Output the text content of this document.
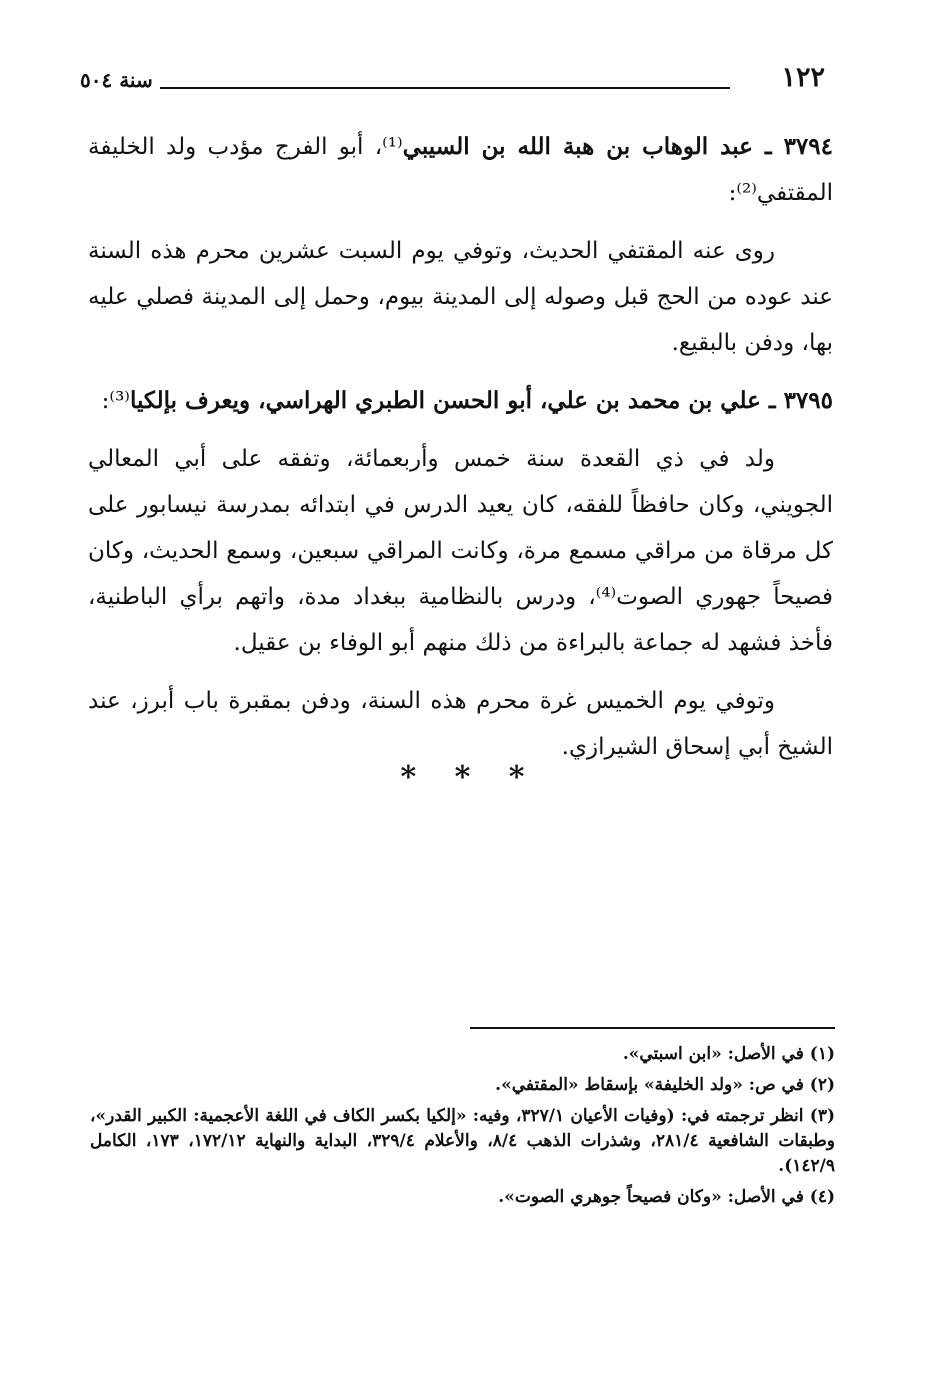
١٢٢
سنة ٥٠٤

٣٧٩٤ ـ عبد الوهاب بن هبة الله بن السيبي⁽¹⁾، أبو الفرج مؤدب ولد الخليفة المقتفي⁽²⁾:

روى عنه المقتفي الحديث، وتوفي يوم السبت عشرين محرم هذه السنة عند عوده من الحج قبل وصوله إلى المدينة بيوم، وحمل إلى المدينة فصلي عليه بها، ودفن بالبقيع.

٣٧٩٥ ـ علي بن محمد بن علي، أبو الحسن الطبري الهراسي، ويعرف بإلكيا⁽³⁾:

ولد في ذي القعدة سنة خمس وأربعمائة، وتفقه على أبي المعالي الجويني، وكان حافظاً للفقه، كان يعيد الدرس في ابتدائه بمدرسة نيسابور على كل مرقاة من مراقي مسمع مرة، وكانت المراقي سبعين، وسمع الحديث، وكان فصيحاً جهوري الصوت⁽⁴⁾، ودرس بالنظامية ببغداد مدة، واتهم برأي الباطنية، فأخذ فشهد له جماعة بالبراءة من ذلك منهم أبو الوفاء بن عقيل.

وتوفي يوم الخميس غرة محرم هذه السنة، ودفن بمقبرة باب أبرز، عند الشيخ أبي إسحاق الشيرازي.

* * *

(١) في الأصل: «ابن اسبتي».

(٢) في ص: «ولد الخليفة» بإسقاط «المقتفي».

(٣) انظر ترجمته في: (وفيات الأعيان ٣٢٧/١، وفيه: «إلكيا بكسر الكاف في اللغة الأعجمية: الكبير القدر»، وطبقات الشافعية ٢٨١/٤، وشذرات الذهب ٨/٤، والأعلام ٣٢٩/٤، البداية والنهاية ١٧٢/١٢، ١٧٣، الكامل ١٤٢/٩).

(٤) في الأصل: «وكان فصيحاً جوهري الصوت».
